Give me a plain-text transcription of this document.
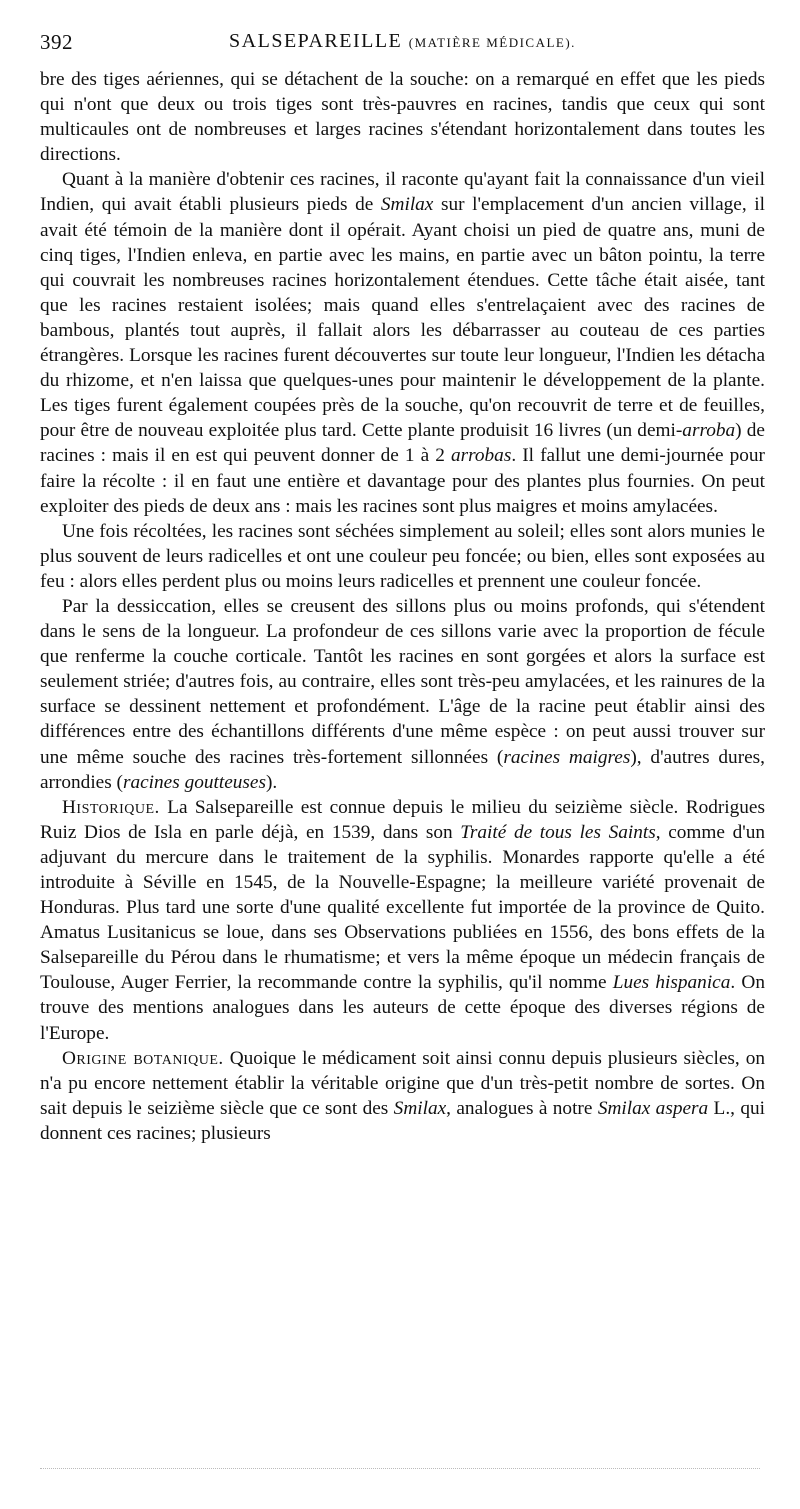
392	SALSEPAREILLE (MATIÈRE MÉDICALE).

bre des tiges aériennes, qui se détachent de la souche: on a remarqué en effet que les pieds qui n'ont que deux ou trois tiges sont très-pauvres en racines, tandis que ceux qui sont multicaules ont de nombreuses et larges racines s'étendant horizontalement dans toutes les directions.

Quant à la manière d'obtenir ces racines, il raconte qu'ayant fait la connaissance d'un vieil Indien, qui avait établi plusieurs pieds de Smilax sur l'emplacement d'un ancien village, il avait été témoin de la manière dont il opérait. Ayant choisi un pied de quatre ans, muni de cinq tiges, l'Indien enleva, en partie avec les mains, en partie avec un bâton pointu, la terre qui couvrait les nombreuses racines horizontalement étendues. Cette tâche était aisée, tant que les racines restaient isolées; mais quand elles s'entrelaçaient avec des racines de bambous, plantés tout auprès, il fallait alors les débarrasser au couteau de ces parties étrangères. Lorsque les racines furent découvertes sur toute leur longueur, l'Indien les détacha du rhizome, et n'en laissa que quelques-unes pour maintenir le développement de la plante. Les tiges furent également coupées près de la souche, qu'on recouvrit de terre et de feuilles, pour être de nouveau exploitée plus tard. Cette plante produisit 16 livres (un demi-arroba) de racines : mais il en est qui peuvent donner de 1 à 2 arrobas. Il fallut une demi-journée pour faire la récolte : il en faut une entière et davantage pour des plantes plus fournies. On peut exploiter des pieds de deux ans : mais les racines sont plus maigres et moins amylacées.

Une fois récoltées, les racines sont séchées simplement au soleil; elles sont alors munies le plus souvent de leurs radicelles et ont une couleur peu foncée; ou bien, elles sont exposées au feu : alors elles perdent plus ou moins leurs radicelles et prennent une couleur foncée.

Par la dessiccation, elles se creusent des sillons plus ou moins profonds, qui s'étendent dans le sens de la longueur. La profondeur de ces sillons varie avec la proportion de fécule que renferme la couche corticale. Tantôt les racines en sont gorgées et alors la surface est seulement striée; d'autres fois, au contraire, elles sont très-peu amylacées, et les rainures de la surface se dessinent nettement et profondément. L'âge de la racine peut établir ainsi des différences entre des échantillons différents d'une même espèce : on peut aussi trouver sur une même souche des racines très-fortement sillonnées (racines maigres), d'autres dures, arrondies (racines goutteuses).

Historique. La Salsepareille est connue depuis le milieu du seizième siècle. Rodrigues Ruiz Dios de Isla en parle déjà, en 1539, dans son Traité de tous les Saints, comme d'un adjuvant du mercure dans le traitement de la syphilis. Monardes rapporte qu'elle a été introduite à Séville en 1545, de la Nouvelle-Espagne; la meilleure variété provenait de Honduras. Plus tard une sorte d'une qualité excellente fut importée de la province de Quito. Amatus Lusitanicus se loue, dans ses Observations publiées en 1556, des bons effets de la Salsepareille du Pérou dans le rhumatisme; et vers la même époque un médecin français de Toulouse, Auger Ferrier, la recommande contre la syphilis, qu'il nomme Lues hispanica. On trouve des mentions analogues dans les auteurs de cette époque des diverses régions de l'Europe.

Origine botanique. Quoique le médicament soit ainsi connu depuis plusieurs siècles, on n'a pu encore nettement établir la véritable origine que d'un très-petit nombre de sortes. On sait depuis le seizième siècle que ce sont des Smilax, analogues à notre Smilax aspera L., qui donnent ces racines; plusieurs
